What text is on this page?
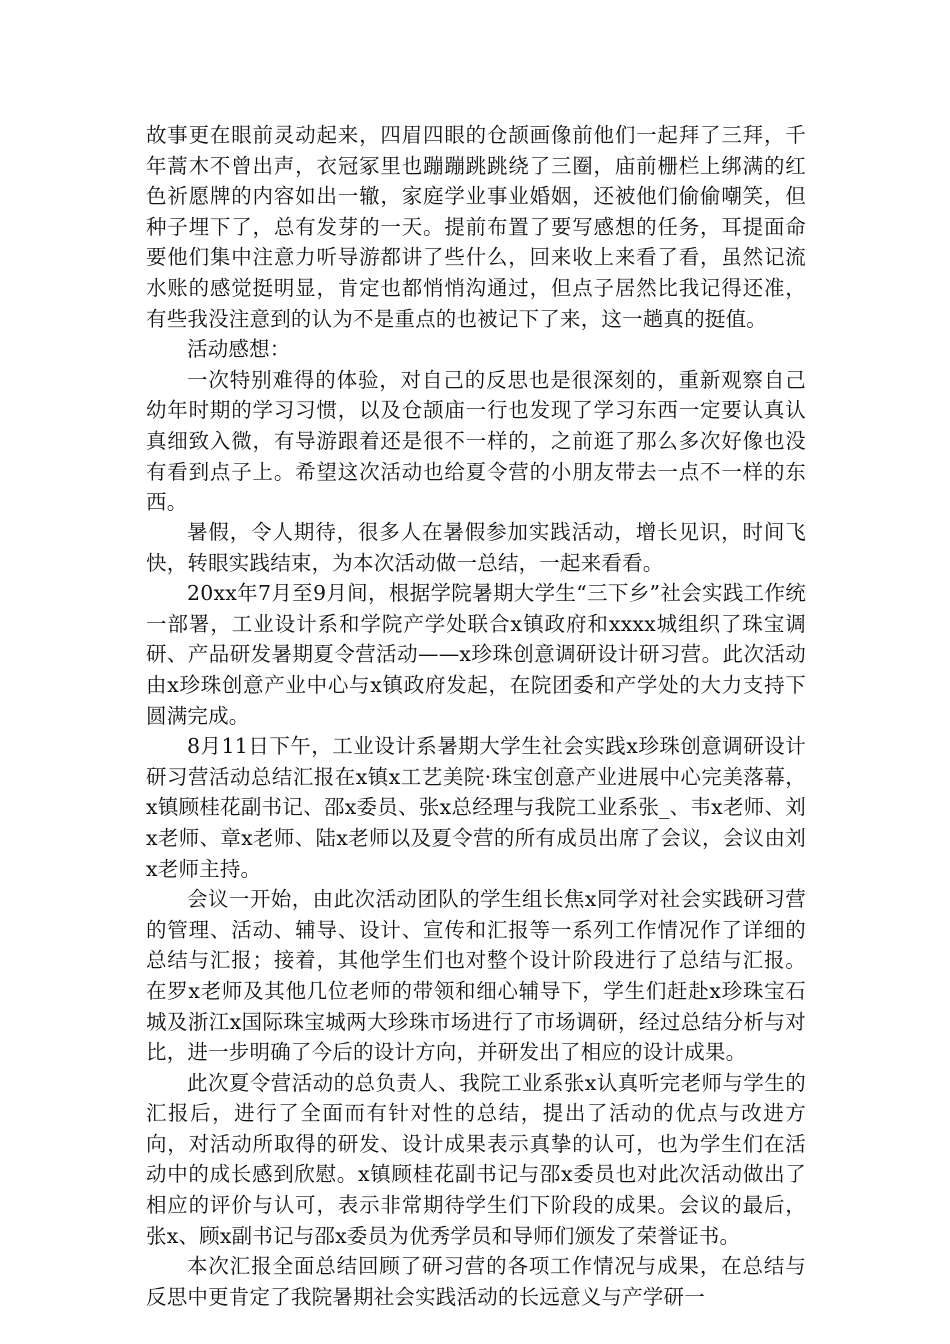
故事更在眼前灵动起来，四眉四眼的仓颉画像前他们一起拜了三拜，千年蒿木不曾出声，衣冠冢里也蹦蹦跳跳绕了三圈，庙前栅栏上绑满的红色祈愿牌的内容如出一辙，家庭学业事业婚姻，还被他们偷偷嘲笑，但种子埋下了，总有发芽的一天。提前布置了要写感想的任务，耳提面命要他们集中注意力听导游都讲了些什么，回来收上来看了看，虽然记流水账的感觉挺明显，肯定也都悄悄沟通过，但点子居然比我记得还准，有些我没注意到的认为不是重点的也被记下了来，这一趟真的挺值。

活动感想：

一次特别难得的体验，对自己的反思也是很深刻的，重新观察自己幼年时期的学习习惯，以及仓颉庙一行也发现了学习东西一定要认真认真细致入微，有导游跟着还是很不一样的，之前逛了那么多次好像也没有看到点子上。希望这次活动也给夏令营的小朋友带去一点不一样的东西。

暑假，令人期待，很多人在暑假参加实践活动，增长见识，时间飞快，转眼实践结束，为本次活动做一总结，一起来看看。

20xx年7月至9月间，根据学院暑期大学生“三下乡”社会实践工作统一部署，工业设计系和学院产学处联合x镇政府和xxxx城组织了珠宝调研、产品研发暑期夏令营活动——x珍珠创意调研设计研习营。此次活动由x珍珠创意产业中心与x镇政府发起，在院团委和产学处的大力支持下圆满完成。

8月11日下午，工业设计系暑期大学生社会实践x珍珠创意调研设计研习营活动总结汇报在x镇x工艺美院·珠宝创意产业进展中心完美落幕，x镇顾桂花副书记、邵x委员、张x总经理与我院工业系张_、韦x老师、刘x老师、章x老师、陆x老师以及夏令营的所有成员出席了会议，会议由刘x老师主持。

会议一开始，由此次活动团队的学生组长焦x同学对社会实践研习营的管理、活动、辅导、设计、宣传和汇报等一系列工作情况作了详细的总结与汇报；接着，其他学生们也对整个设计阶段进行了总结与汇报。在罗x老师及其他几位老师的带领和细心辅导下，学生们赶赴x珍珠宝石城及浙江x国际珠宝城两大珍珠市场进行了市场调研，经过总结分析与对比，进一步明确了今后的设计方向，并研发出了相应的设计成果。

此次夏令营活动的总负责人、我院工业系张x认真听完老师与学生的汇报后，进行了全面而有针对性的总结，提出了活动的优点与改进方向，对活动所取得的研发、设计成果表示真挚的认可，也为学生们在活动中的成长感到欣慰。x镇顾桂花副书记与邵x委员也对此次活动做出了相应的评价与认可，表示非常期待学生们下阶段的成果。会议的最后，张x、顾x副书记与邵x委员为优秀学员和导师们颁发了荣誉证书。

本次汇报全面总结回顾了研习营的各项工作情况与成果，在总结与反思中更肯定了我院暑期社会实践活动的长远意义与产学研一
